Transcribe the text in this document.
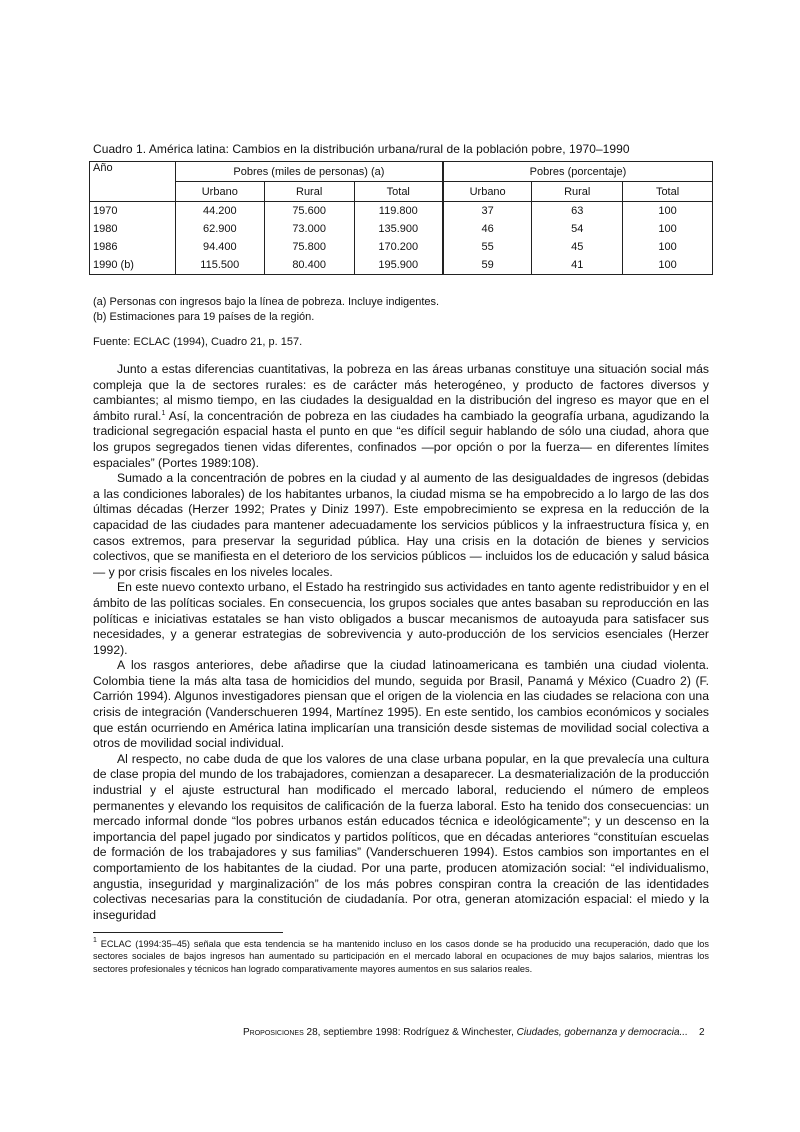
Cuadro 1. América latina: Cambios en la distribución urbana/rural de la población pobre, 1970–1990
Año	Pobres (miles de personas) (a)			Pobres (porcentaje)		
	Urbano	Rural	Total	Urbano	Rural	Total
1970	44.200	75.600	119.800	37	63	100
1980	62.900	73.000	135.900	46	54	100
1986	94.400	75.800	170.200	55	45	100
1990 (b)	115.500	80.400	195.900	59	41	100
(a) Personas con ingresos bajo la línea de pobreza. Incluye indigentes.
(b) Estimaciones para 19 países de la región.
Fuente: ECLAC (1994), Cuadro 21, p. 157.

Junto a estas diferencias cuantitativas, la pobreza en las áreas urbanas constituye una situación social más compleja que la de sectores rurales: es de carácter más heterogéneo, y producto de factores diversos y cambiantes; al mismo tiempo, en las ciudades la desigualdad en la distribución del ingreso es mayor que en el ámbito rural.$^1$ Así, la concentración de pobreza en las ciudades ha cambiado la geografía urbana, agudizando la tradicional segregación espacial hasta el punto en que “es difícil seguir hablando de sólo una ciudad, ahora que los grupos segregados tienen vidas diferentes, confinados —por opción o por la fuerza— en diferentes límites espaciales” (Portes 1989:108).

Sumado a la concentración de pobres en la ciudad y al aumento de las desigualdades de ingresos (debidas a las condiciones laborales) de los habitantes urbanos, la ciudad misma se ha empobrecido a lo largo de las dos últimas décadas (Herzer 1992; Prates y Diniz 1997). Este empobrecimiento se expresa en la reducción de la capacidad de las ciudades para mantener adecuadamente los servicios públicos y la infraestructura física y, en casos extremos, para preservar la seguridad pública. Hay una crisis en la dotación de bienes y servicios colectivos, que se manifiesta en el deterioro de los servicios públicos — incluidos los de educación y salud básica— y por crisis fiscales en los niveles locales.

En este nuevo contexto urbano, el Estado ha restringido sus actividades en tanto agente redistribuidor y en el ámbito de las políticas sociales. En consecuencia, los grupos sociales que antes basaban su reproducción en las políticas e iniciativas estatales se han visto obligados a buscar mecanismos de autoayuda para satisfacer sus necesidades, y a generar estrategias de sobrevivencia y auto-producción de los servicios esenciales (Herzer 1992).

A los rasgos anteriores, debe añadirse que la ciudad latinoamericana es también una ciudad violenta. Colombia tiene la más alta tasa de homicidios del mundo, seguida por Brasil, Panamá y México (Cuadro 2) (F. Carrión 1994). Algunos investigadores piensan que el origen de la violencia en las ciudades se relaciona con una crisis de integración (Vanderschueren 1994, Martínez 1995). En este sentido, los cambios económicos y sociales que están ocurriendo en América latina implicarían una transición desde sistemas de movilidad social colectiva a otros de movilidad social individual.

Al respecto, no cabe duda de que los valores de una clase urbana popular, en la que prevalecía una cultura de clase propia del mundo de los trabajadores, comienzan a desaparecer. La desmaterialización de la producción industrial y el ajuste estructural han modificado el mercado laboral, reduciendo el número de empleos permanentes y elevando los requisitos de calificación de la fuerza laboral. Esto ha tenido dos consecuencias: un mercado informal donde “los pobres urbanos están educados técnica e ideológicamente”; y un descenso en la importancia del papel jugado por sindicatos y partidos políticos, que en décadas anteriores “constituían escuelas de formación de los trabajadores y sus familias” (Vanderschueren 1994). Estos cambios son importantes en el comportamiento de los habitantes de la ciudad. Por una parte, producen atomización social: “el individualismo, angustia, inseguridad y marginalización” de los más pobres conspiran contra la creación de las identidades colectivas necesarias para la constitución de ciudadanía. Por otra, generan atomización espacial: el miedo y la inseguridad

$^1$ ECLAC (1994:35–45) señala que esta tendencia se ha mantenido incluso en los casos donde se ha producido una recuperación, dado que los sectores sociales de bajos ingresos han aumentado su participación en el mercado laboral en ocupaciones de muy bajos salarios, mientras los sectores profesionales y técnicos han logrado comparativamente mayores aumentos en sus salarios reales.
Proposiciones 28, septiembre 1998: Rodríguez & Winchester, Ciudades, gobernanza y democracia... 2
